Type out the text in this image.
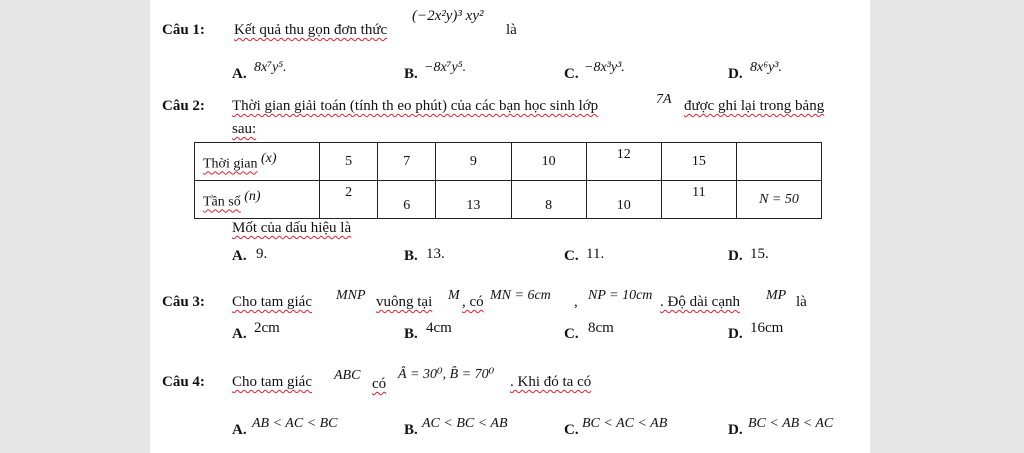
Câu 1: Kết quả thu gọn đơn thức
(−2x²y)³ xy²
là
A. 8x⁷y⁵.	B. −8x⁷y⁵.	C. −8x³y³.	D. 8x⁶y³.
Câu 2: Thời gian giải toán (tính th eo phút) của các bạn học sinh lớp	7A được ghi lại trong bảng
sau:
Thời gian (x)	5	7	9	10	12	15	
Tần số (n)	2	6	13	8	10	11	N = 50
Mốt của dấu hiệu là
A. 9.	B. 13.	C. 11.	D. 15.
Câu 3: Cho tam giác MNP vuông tại M , có MN = 6cm , NP = 10cm . Độ dài cạnh MP là
A. 2cm	B. 4cm	C. 8cm	D. 16cm
Câu 4: Cho tam giác ABC
có
Â = 30⁰, B̂ = 70⁰ . Khi đó ta có
A. AB < AC < BC	B. AC < BC < AB	C. BC < AC < AB	D. BC < AB < AC
